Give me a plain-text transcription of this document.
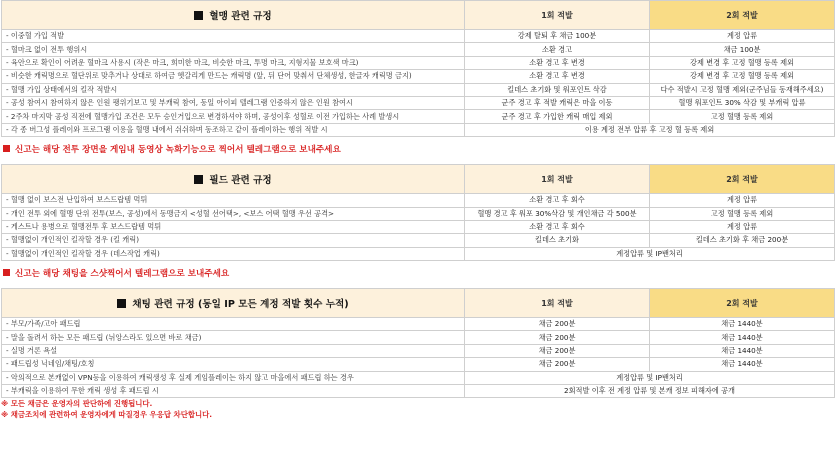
혈맹 관련 규정	1회 적발	2회 적발
- 이중혈 가입 적발	강제 탈퇴 후 채금 100분	계정 압류
- 혈마크 없이 전투 행위시	소환 경고	채금 100분
- 육안으로 확인이 어려운 혈마크 사용시 (작은 마크, 희미한 마크, 비슷한 마크, 투명 마크, 지형지물 보호색 마크)	소환 경고 후 변경	강제 변경 후 고정 혈맹 등록 제외
- 비슷한 캐릭명으로 혈단위로 맞추거나 상대로 하여금 헷갈리게 만드는 캐릭명 (앞, 뒤 단어 맞춰서 단체생성, 한글자 캐릭명 금지)	소환 경고 후 변경	강제 변경 후 고정 혈맹 등록 제외
- 혈맹 가입 상태에서의 킬작 적발시	킬데스 초기화 및 워포인트 삭감	다수 적발시 고정 혈맹 제외(군주님들 동재해주세요)
- 공성 참여시 참여하지 않은 인원 팽위기보고 및 부캐릭 참여, 동일 아이피 텔레그램 인증하지 않은 인원 참여시	군주 경고 후 적발 캐릭은 마을 이동	혈맹 워포인트 30% 삭감 및 부캐릭 압류
- 2주차 마지막 공성 직전에 혈맹가입 조건은 모두 승인거입으로 변경하셔야 하며, 공성이후 성혈로 이전 가입하는 사례 발생시	군주 경고 후 가입한 캐릭 매입 제외	고정 혈맹 등록 제외
- 각 종 버그성 플레이와 프로그램 이용을 혈맹 내에서 쉬쉬하며 동조하고 같이 플레이하는 행위 적발 시	이용 계정 전부 압류 후 고정 혈 등록 제외	
신고는 해당 전투 장면을 게임내 동영상 녹화기능으로 찍어서 텔레그램으로 보내주세요
필드 관련 규정	1회 적발	2회 적발
- 혈맹 없이 보스전 난입하여 보스드랍템 먹튀	소환 경고 후 회수	계정 압류
- 개인 전투 외에 혈맹 단위 전투(보스, 공성)에서 동맹금지 <성혈 선어택>, <보스 어택 혈맹 우선 공격>	혈맹 경고 후 워포 30%삭감 및 개인채금 각 500분	고정 혈맹 등록 제외
- 게스트나 용병으로 혈맹전투 후 보스드랍템 먹튀	소환 경고 후 회수	계정 압류
- 혈맹없이 개인적인 킬작할 경우 (킬 캐릭)	킬데스 초기화	킬데스 초기화 후 채금 200분
- 혈맹없이 개인적인 킬작할 경우 (데스작업 캐릭)	계정압류 및 IP밴처리	
신고는 해당 채팅을 스샷찍어서 텔레그램으로 보내주세요
채팅 관련 규정 (동일 IP 모든 계정 적발 횟수 누적)	1회 적발	2회 적발
- 부모/가족/고아 패드립	채금 200분	채금 1440분
- 말을 돌려서 하는 모든 패드립 (뉘앙스라도 있으면 바로 채금)	채금 200분	채금 1440분
- 실명 거론 욕설	채금 200분	채금 1440분
- 패드립성 닉네임/채팅/호칭	채금 200분	채금 1440분
- 악의적으로 본캐없이 VPN등을 이용하여 캐릭생성 후 실제 게임플레이는 하지 않고 마을에서 패드립 하는 경우	계정압류 및 IP밴처리	
- 부캐릭을 이용하여 무한 캐릭 생성 후 패드립 시	2회적발 이후 전 계정 압류 및 본캐 정보 피해자에 공개	
※ 모든 채금은 운영자의 판단하에 진행됩니다.
※ 채금조치에 관련하여 운영자에게 따질경우 우응답 차단합니다.
